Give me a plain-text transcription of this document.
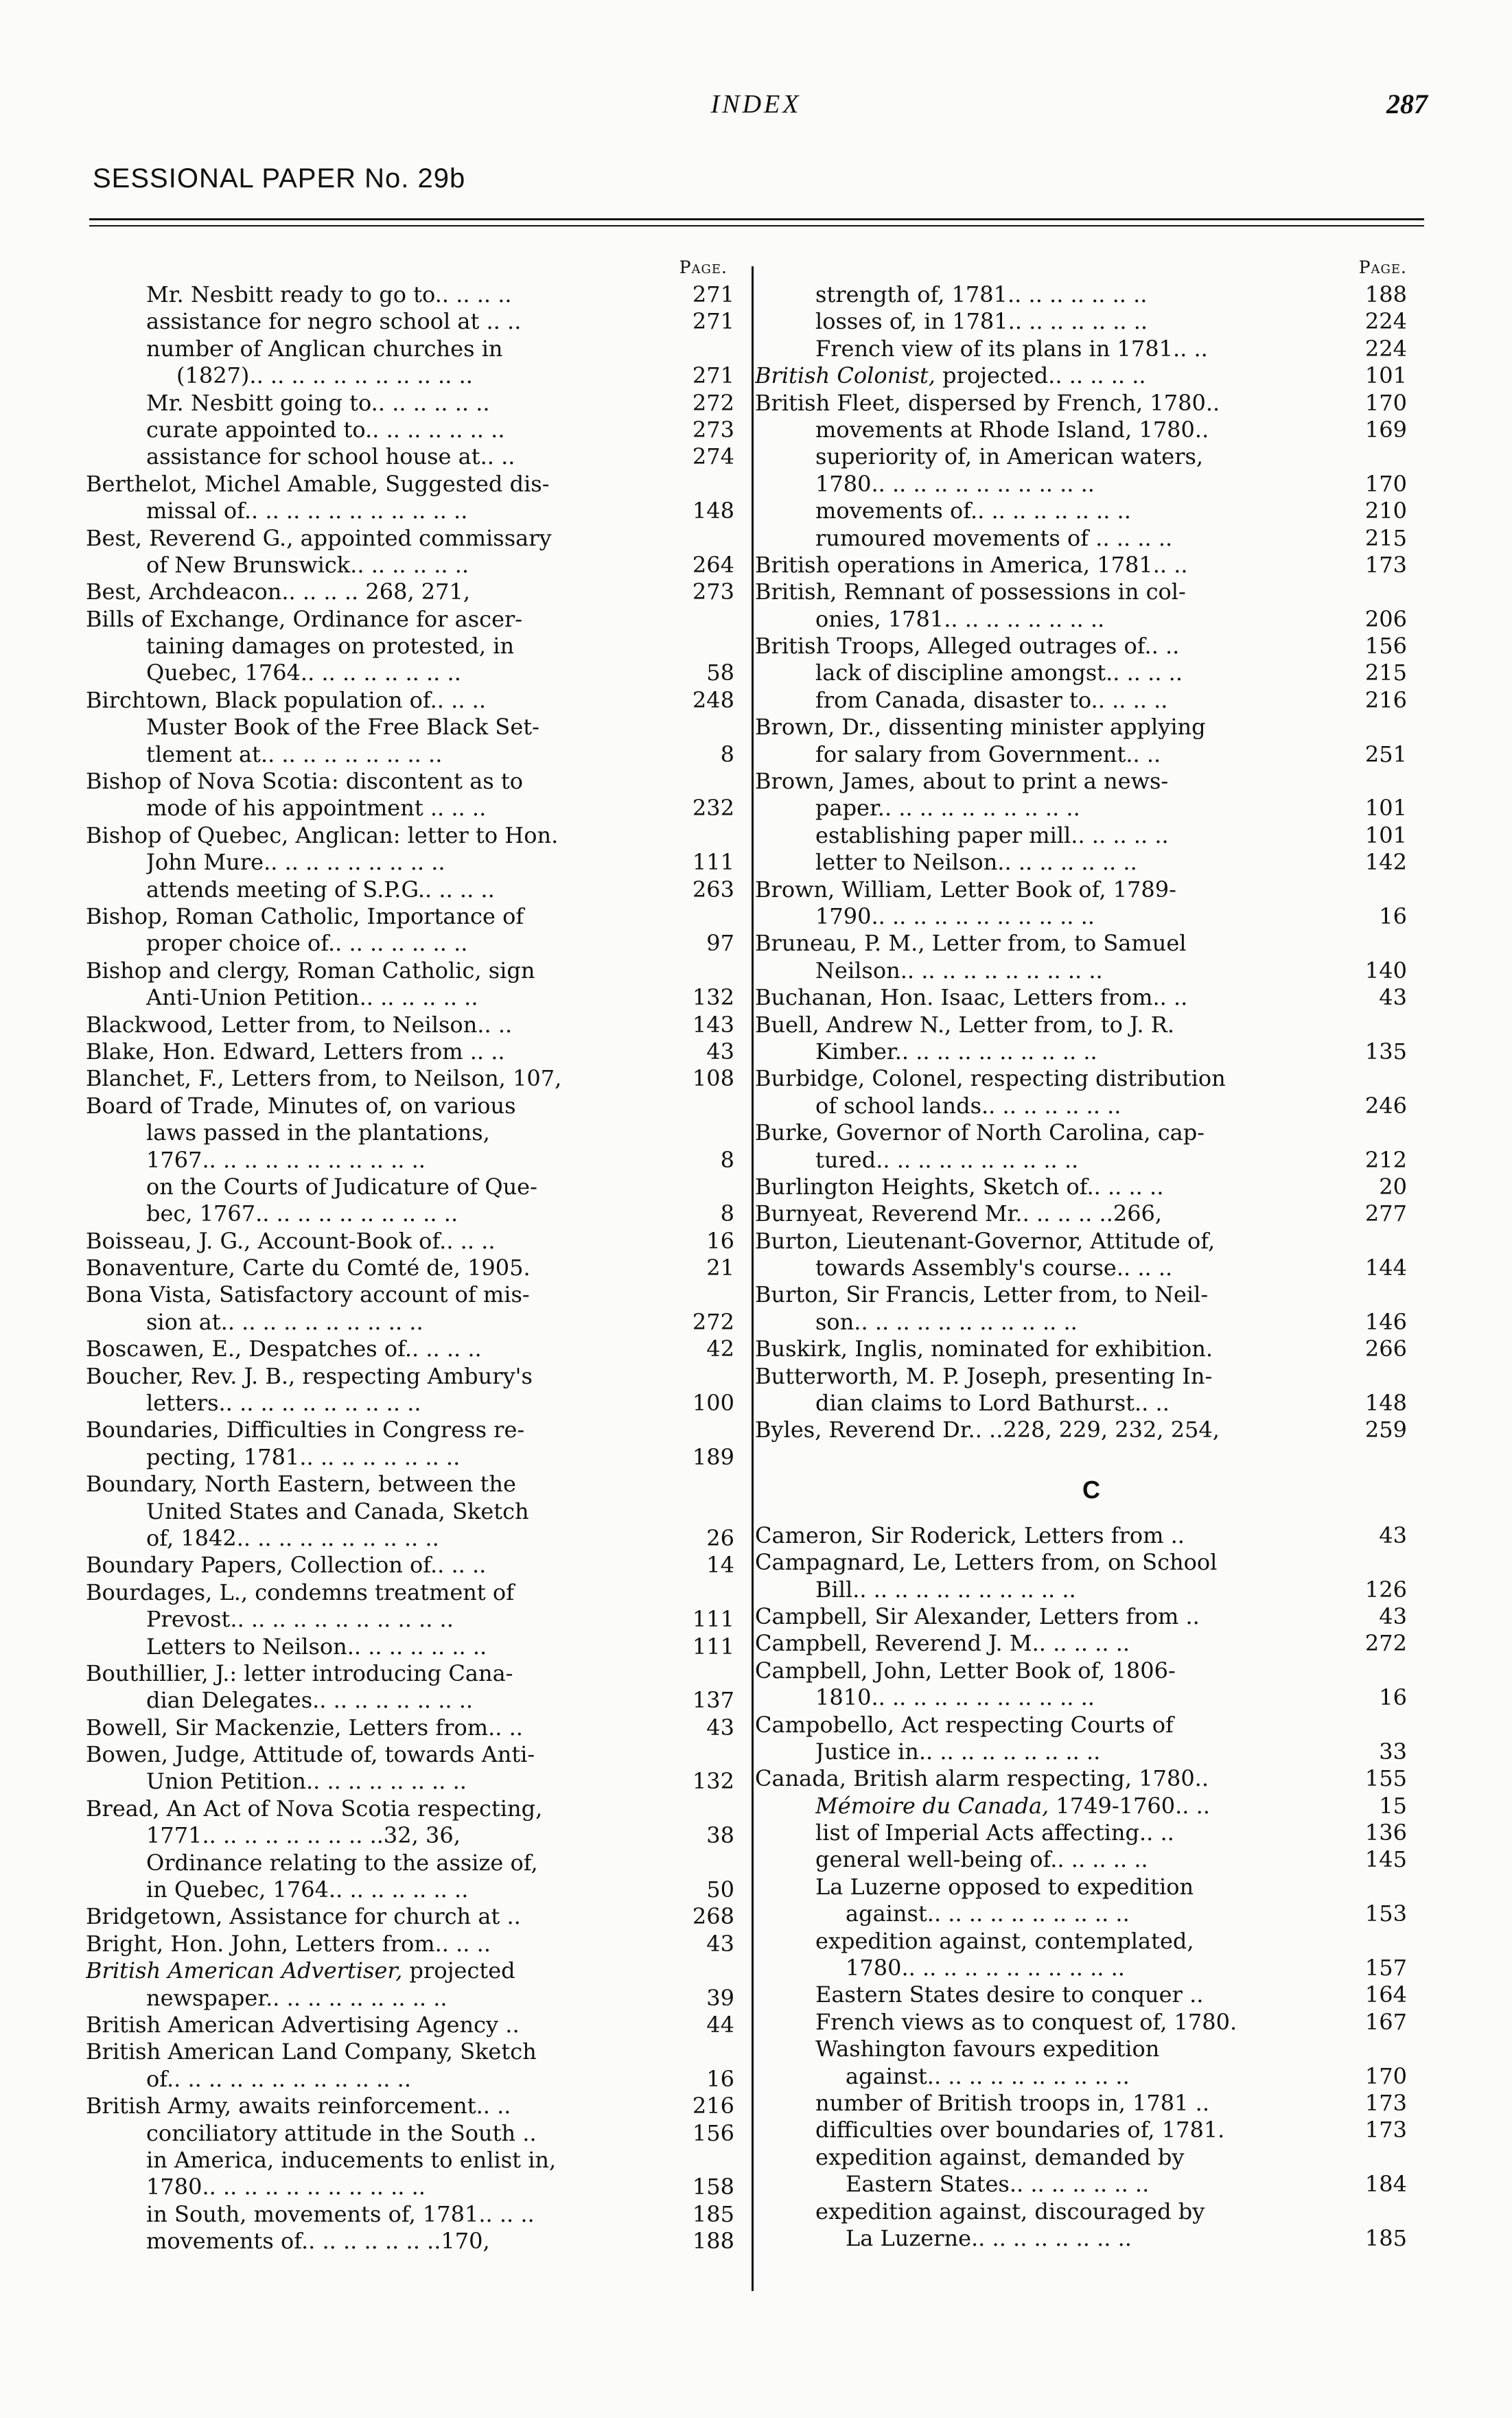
INDEX	287
SESSIONAL PAPER No. 29b
Page.
Mr. Nesbitt ready to go to.. .. .. ..	271
assistance for negro school at .. ..	271
number of Anglican churches in
(1827).. .. .. .. .. .. .. .. .. .. ..	271
Mr. Nesbitt going to.. .. .. .. .. ..	272
curate appointed to.. .. .. .. .. .. ..	273
assistance for school house at.. ..	274
Berthelot, Michel Amable, Suggested dis-
missal of.. .. .. .. .. .. .. .. .. .. ..	148
Best, Reverend G., appointed commissary
of New Brunswick.. .. .. .. .. ..	264
Best, Archdeacon.. .. .. .. 268, 271,	273
Bills of Exchange, Ordinance for ascer-
taining damages on protested, in
Quebec, 1764.. .. .. .. .. .. .. ..	58
Birchtown, Black population of.. .. ..	248
Muster Book of the Free Black Set-
tlement at.. .. .. .. .. .. .. .. ..	8
Bishop of Nova Scotia: discontent as to
mode of his appointment .. .. ..	232
Bishop of Quebec, Anglican: letter to Hon.
John Mure.. .. .. .. .. .. .. .. ..	111
attends meeting of S.P.G.. .. .. ..	263
Bishop, Roman Catholic, Importance of
proper choice of.. .. .. .. .. .. ..	97
Bishop and clergy, Roman Catholic, sign
Anti-Union Petition.. .. .. .. .. ..	132
Blackwood, Letter from, to Neilson.. ..	143
Blake, Hon. Edward, Letters from .. ..	43
Blanchet, F., Letters from, to Neilson, 107,	108
Board of Trade, Minutes of, on various
laws passed in the plantations,
1767.. .. .. .. .. .. .. .. .. .. ..	8
on the Courts of Judicature of Que-
bec, 1767.. .. .. .. .. .. .. .. .. ..	8
Boisseau, J. G., Account-Book of.. .. ..	16
Bonaventure, Carte du Comté de, 1905.	21
Bona Vista, Satisfactory account of mis-
sion at.. .. .. .. .. .. .. .. .. ..	272
Boscawen, E., Despatches of.. .. .. ..	42
Boucher, Rev. J. B., respecting Ambury's
letters.. .. .. .. .. .. .. .. .. ..	100
Boundaries, Difficulties in Congress re-
pecting, 1781.. .. .. .. .. .. .. ..	189
Boundary, North Eastern, between the
United States and Canada, Sketch
of, 1842.. .. .. .. .. .. .. .. .. ..	26
Boundary Papers, Collection of.. .. ..	14
Bourdages, L., condemns treatment of
Prevost.. .. .. .. .. .. .. .. .. .. ..	111
Letters to Neilson.. .. .. .. .. .. ..	111
Bouthillier, J.: letter introducing Cana-
dian Delegates.. .. .. .. .. .. .. ..	137
Bowell, Sir Mackenzie, Letters from.. ..	43
Bowen, Judge, Attitude of, towards Anti-
Union Petition.. .. .. .. .. .. .. ..	132
Bread, An Act of Nova Scotia respecting,
1771.. .. .. .. .. .. .. .. ..32, 36,	38
Ordinance relating to the assize of,
in Quebec, 1764.. .. .. .. .. .. ..	50
Bridgetown, Assistance for church at ..	268
Bright, Hon. John, Letters from.. .. ..	43
British American Advertiser, projected
newspaper.. .. .. .. .. .. .. .. ..	39
British American Advertising Agency ..	44
British American Land Company, Sketch
of.. .. .. .. .. .. .. .. .. .. .. ..	16
British Army, awaits reinforcement.. ..	216
conciliatory attitude in the South ..	156
in America, inducements to enlist in,
1780.. .. .. .. .. .. .. .. .. .. ..	158
in South, movements of, 1781.. .. ..	185
movements of.. .. .. .. .. .. ..170,	188
Page.
strength of, 1781.. .. .. .. .. .. ..	188
losses of, in 1781.. .. .. .. .. .. ..	224
French view of its plans in 1781.. ..	224
British Colonist, projected.. .. .. .. ..	101
British Fleet, dispersed by French, 1780..	170
movements at Rhode Island, 1780..	169
superiority of, in American waters,
1780.. .. .. .. .. .. .. .. .. .. ..	170
movements of.. .. .. .. .. .. .. ..	210
rumoured movements of .. .. .. ..	215
British operations in America, 1781.. ..	173
British, Remnant of possessions in col-
onies, 1781.. .. .. .. .. .. .. ..	206
British Troops, Alleged outrages of.. ..	156
lack of discipline amongst.. .. .. ..	215
from Canada, disaster to.. .. .. ..	216
Brown, Dr., dissenting minister applying
for salary from Government.. ..	251
Brown, James, about to print a news-
paper.. .. .. .. .. .. .. .. .. ..	101
establishing paper mill.. .. .. .. ..	101
letter to Neilson.. .. .. .. .. .. ..	142
Brown, William, Letter Book of, 1789-
1790.. .. .. .. .. .. .. .. .. .. ..	16
Bruneau, P. M., Letter from, to Samuel
Neilson.. .. .. .. .. .. .. .. .. ..	140
Buchanan, Hon. Isaac, Letters from.. ..	43
Buell, Andrew N., Letter from, to J. R.
Kimber.. .. .. .. .. .. .. .. .. ..	135
Burbidge, Colonel, respecting distribution
of school lands.. .. .. .. .. .. ..	246
Burke, Governor of North Carolina, cap-
tured.. .. .. .. .. .. .. .. .. ..	212
Burlington Heights, Sketch of.. .. .. ..	20
Burnyeat, Reverend Mr.. .. .. .. ..266,	277
Burton, Lieutenant-Governor, Attitude of,
towards Assembly's course.. .. ..	144
Burton, Sir Francis, Letter from, to Neil-
son.. .. .. .. .. .. .. .. .. .. ..	146
Buskirk, Inglis, nominated for exhibition.	266
Butterworth, M. P. Joseph, presenting In-
dian claims to Lord Bathurst.. ..	148
Byles, Reverend Dr.. ..228, 229, 232, 254,	259
C
Cameron, Sir Roderick, Letters from ..	43
Campagnard, Le, Letters from, on School
Bill.. .. .. .. .. .. .. .. .. .. ..	126
Campbell, Sir Alexander, Letters from ..	43
Campbell, Reverend J. M.. .. .. .. ..	272
Campbell, John, Letter Book of, 1806-
1810.. .. .. .. .. .. .. .. .. .. ..	16
Campobello, Act respecting Courts of
Justice in.. .. .. .. .. .. .. .. ..	33
Canada, British alarm respecting, 1780..	155
Mémoire du Canada, 1749-1760.. ..	15
list of Imperial Acts affecting.. ..	136
general well-being of.. .. .. .. ..	145
La Luzerne opposed to expedition
against.. .. .. .. .. .. .. .. .. ..	153
expedition against, contemplated,
1780.. .. .. .. .. .. .. .. .. .. ..	157
Eastern States desire to conquer ..	164
French views as to conquest of, 1780.	167
Washington favours expedition
against.. .. .. .. .. .. .. .. .. ..	170
number of British troops in, 1781 ..	173
difficulties over boundaries of, 1781.	173
expedition against, demanded by
Eastern States.. .. .. .. .. .. ..	184
expedition against, discouraged by
La Luzerne.. .. .. .. .. .. .. ..	185
